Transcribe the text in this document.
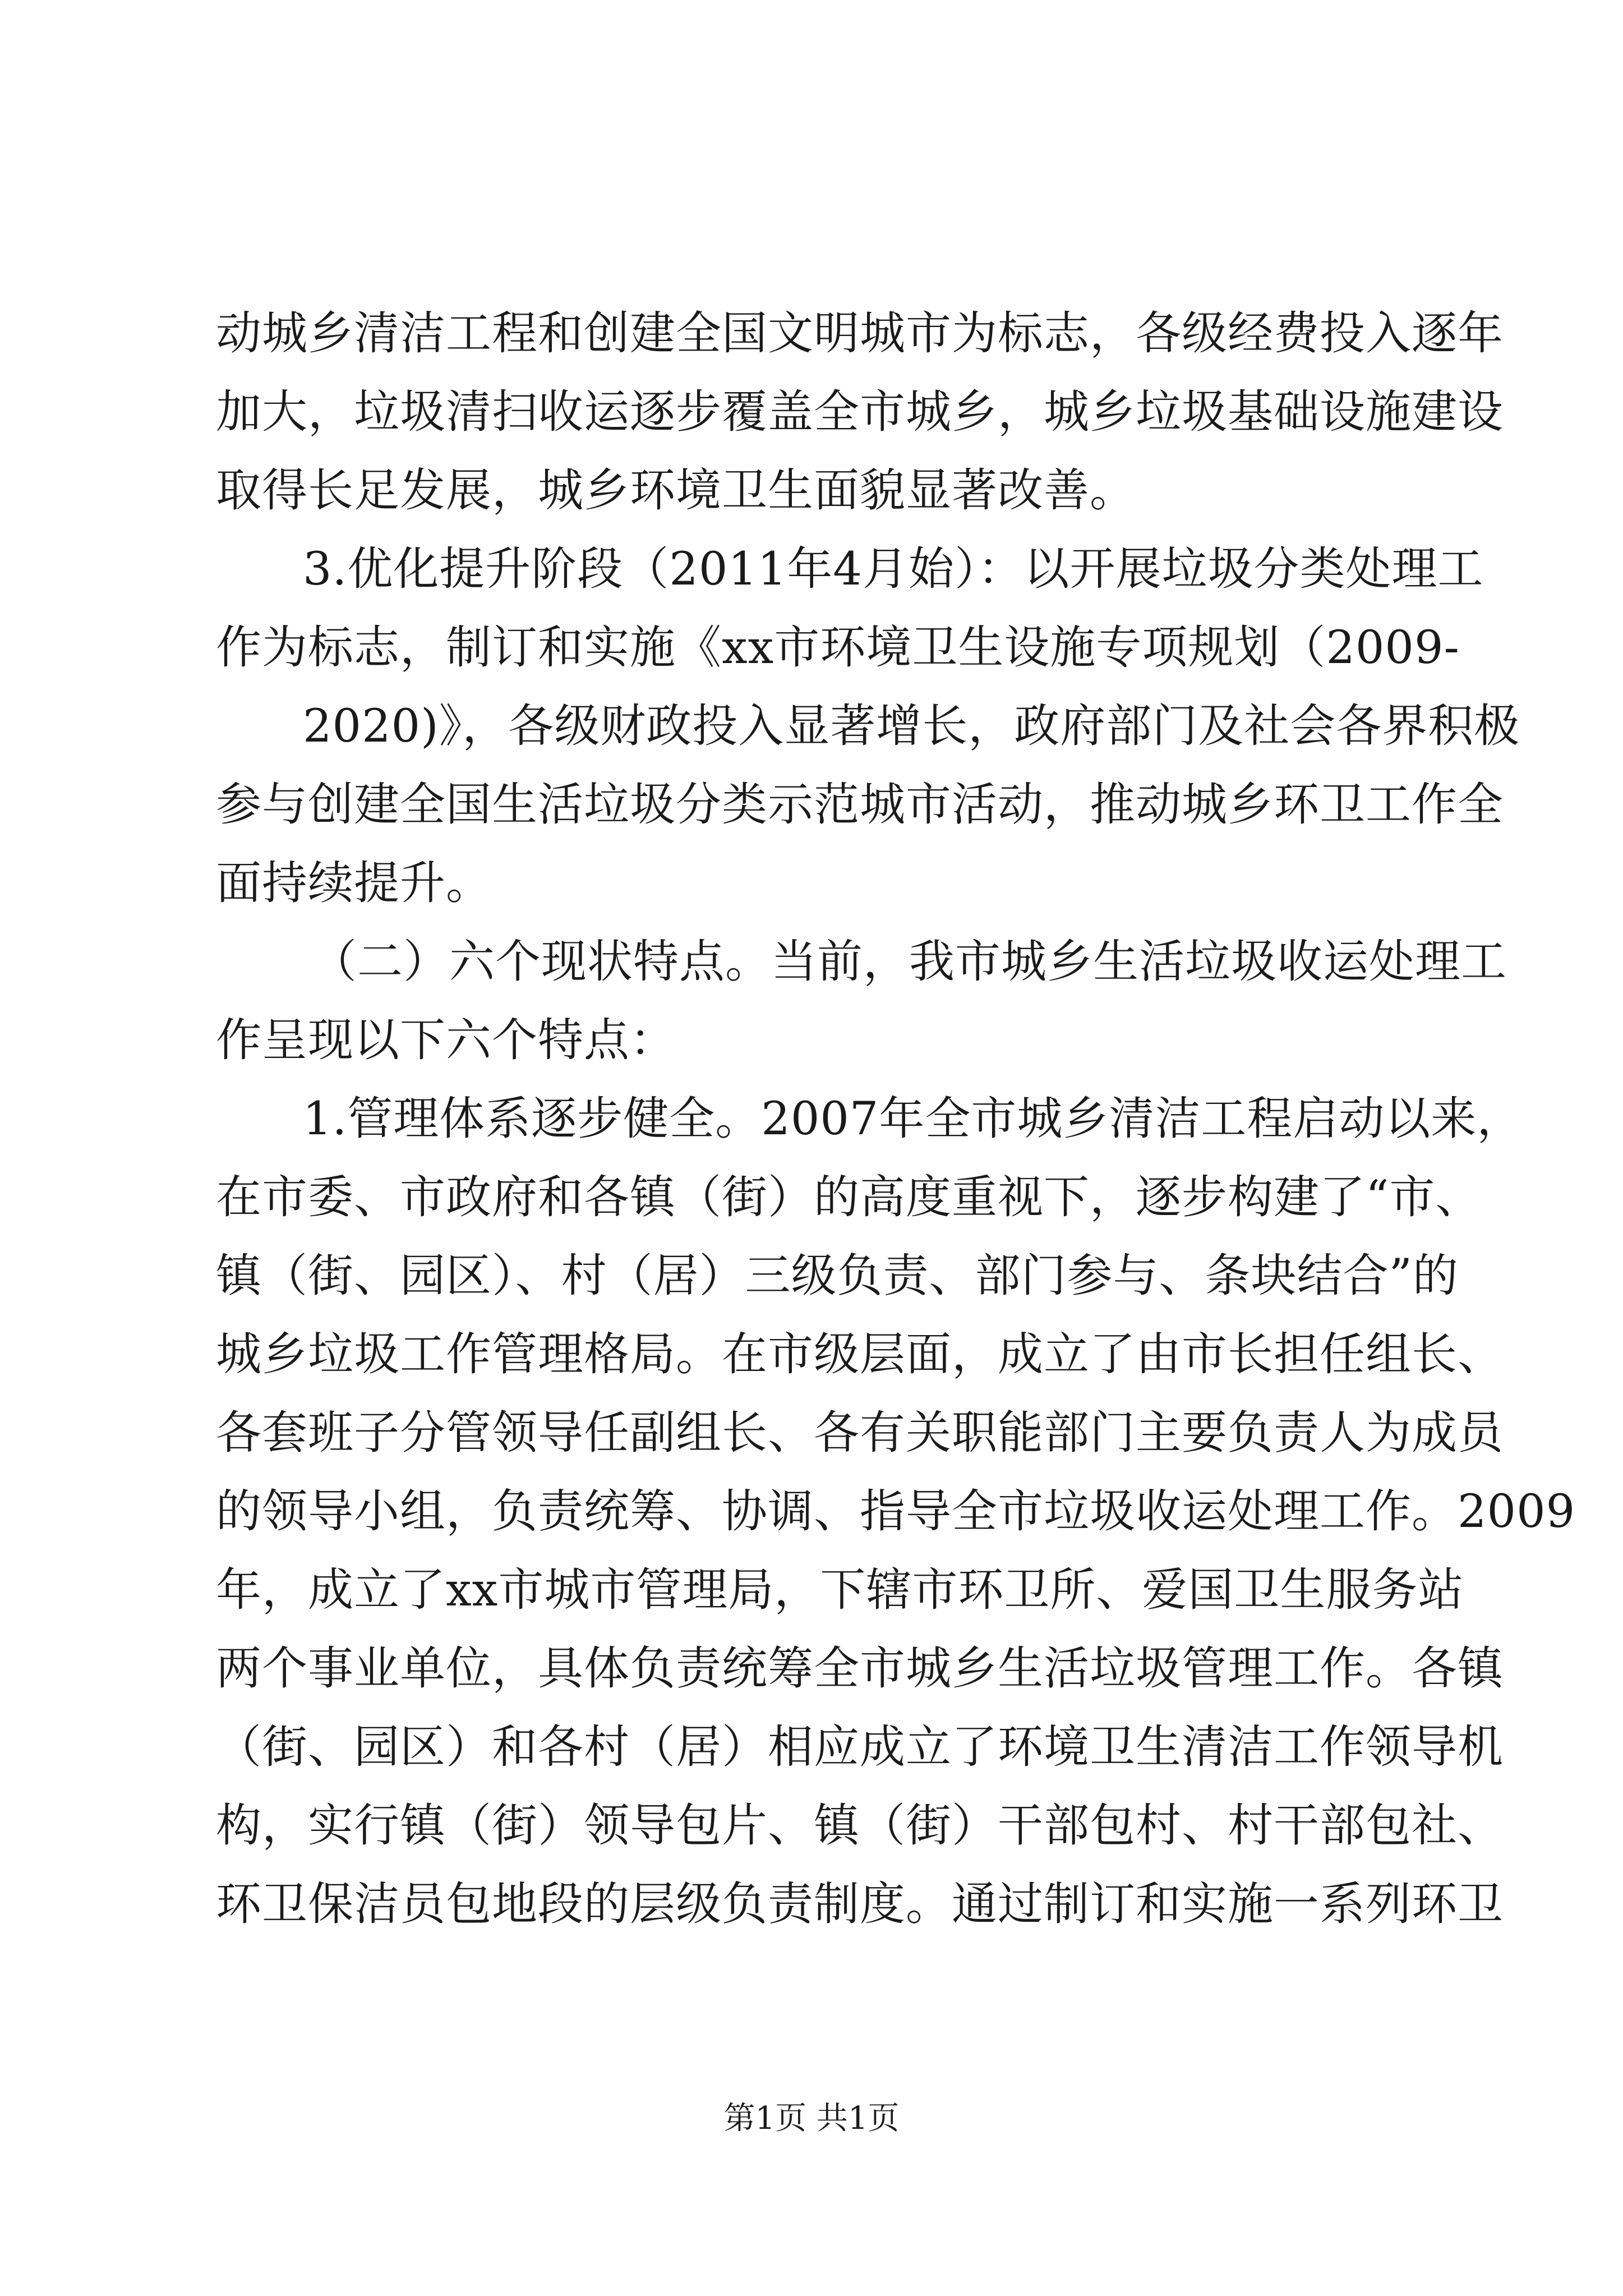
动城乡清洁工程和创建全国文明城市为标志，各级经费投入逐年
加大，垃圾清扫收运逐步覆盖全市城乡，城乡垃圾基础设施建设
取得长足发展，城乡环境卫生面貌显著改善。
3.优化提升阶段（2011年4月始）：以开展垃圾分类处理工
作为标志，制订和实施《xx市环境卫生设施专项规划（2009-
2020)》，各级财政投入显著增长，政府部门及社会各界积极
参与创建全国生活垃圾分类示范城市活动，推动城乡环卫工作全
面持续提升。
（二）六个现状特点。当前，我市城乡生活垃圾收运处理工
作呈现以下六个特点：
1.管理体系逐步健全。2007年全市城乡清洁工程启动以来，
在市委、市政府和各镇（街）的高度重视下，逐步构建了“市、
镇（街、园区）、村（居）三级负责、部门参与、条块结合”的
城乡垃圾工作管理格局。在市级层面，成立了由市长担任组长、
各套班子分管领导任副组长、各有关职能部门主要负责人为成员
的领导小组，负责统筹、协调、指导全市垃圾收运处理工作。2009
年，成立了xx市城市管理局，下辖市环卫所、爱国卫生服务站
两个事业单位，具体负责统筹全市城乡生活垃圾管理工作。各镇
（街、园区）和各村（居）相应成立了环境卫生清洁工作领导机
构，实行镇（街）领导包片、镇（街）干部包村、村干部包社、
环卫保洁员包地段的层级负责制度。通过制订和实施一系列环卫
第1页 共1页
